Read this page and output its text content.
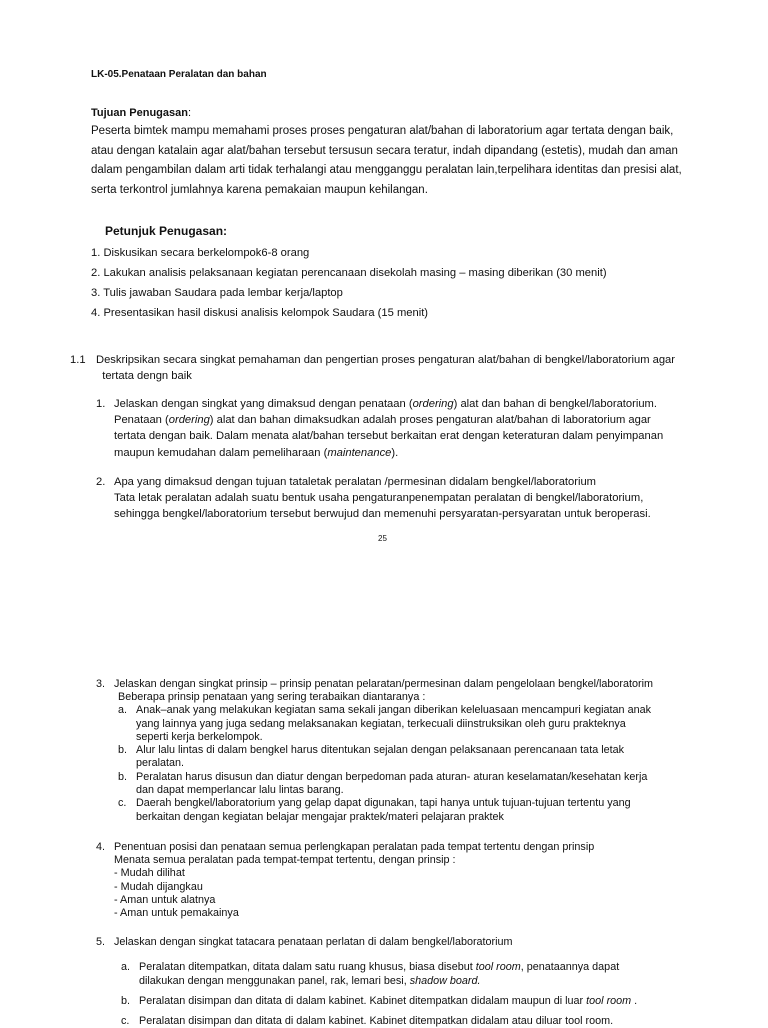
LK-05.Penataan Peralatan dan bahan
Tujuan Penugasan:
Peserta bimtek mampu memahami proses proses pengaturan alat/bahan di laboratorium agar tertata dengan baik,
atau dengan katalain agar alat/bahan tersebut tersusun secara teratur, indah dipandang (estetis), mudah dan aman
dalam pengambilan dalam arti tidak terhalangi atau mengganggu peralatan lain,terpelihara identitas dan presisi alat,
serta terkontrol jumlahnya karena pemakaian maupun kehilangan.
Petunjuk Penugasan:
1. Diskusikan secara berkelompok6-8 orang
2. Lakukan analisis pelaksanaan kegiatan perencanaan disekolah masing – masing diberikan (30 menit)
3. Tulis jawaban Saudara pada lembar kerja/laptop
4. Presentasikan hasil diskusi analisis kelompok Saudara (15 menit)
1.1 Deskripsikan secara singkat pemahaman dan pengertian proses pengaturan alat/bahan di bengkel/laboratorium agar
tertata dengn baik
1. Jelaskan dengan singkat yang dimaksud dengan penataan (ordering) alat dan bahan di bengkel/laboratorium.
Penataan (ordering) alat dan bahan dimaksudkan adalah proses pengaturan alat/bahan di laboratorium agar
tertata dengan baik. Dalam menata alat/bahan tersebut berkaitan erat dengan keteraturan dalam penyimpanan
maupun kemudahan dalam pemeliharaan (maintenance).
2. Apa yang dimaksud dengan tujuan tataletak peralatan /permesinan didalam bengkel/laboratorium
Tata letak peralatan adalah suatu bentuk usaha pengaturanpenempatan peralatan di bengkel/laboratorium,
sehingga bengkel/laboratorium tersebut berwujud dan memenuhi persyaratan-persyaratan untuk beroperasi.
25
3. Jelaskan dengan singkat prinsip – prinsip penatan pelaratan/permesinan dalam pengelolaan bengkel/laboratorim
Beberapa prinsip penataan yang sering terabaikan diantaranya :
a. Anak–anak yang melakukan kegiatan sama sekali jangan diberikan keleluasaan mencampuri kegiatan anak
yang lainnya yang juga sedang melaksanakan kegiatan, terkecuali diinstruksikan oleh guru prakteknya
seperti kerja berkelompok.
b. Alur lalu lintas di dalam bengkel harus ditentukan sejalan dengan pelaksanaan perencanaan tata letak
peralatan.
b. Peralatan harus disusun dan diatur dengan berpedoman pada aturan- aturan keselamatan/kesehatan kerja
dan dapat memperlancar lalu lintas barang.
c. Daerah bengkel/laboratorium yang gelap dapat digunakan, tapi hanya untuk tujuan-tujuan tertentu yang
berkaitan dengan kegiatan belajar mengajar praktek/materi pelajaran praktek
4. Penentuan posisi dan penataan semua perlengkapan peralatan pada tempat tertentu dengan prinsip
Menata semua peralatan pada tempat-tempat tertentu, dengan prinsip :
- Mudah dilihat
- Mudah dijangkau
- Aman untuk alatnya
- Aman untuk pemakainya
5. Jelaskan dengan singkat tatacara penataan perlatan di dalam bengkel/laboratorium
a. Peralatan ditempatkan, ditata dalam satu ruang khusus, biasa disebut tool room, penataannya dapat
dilakukan dengan menggunakan panel, rak, lemari besi, shadow board.
b. Peralatan disimpan dan ditata di dalam kabinet. Kabinet ditempatkan didalam maupun di luar tool room .
c. Peralatan disimpan dan ditata di dalam kabinet. Kabinet ditempatkan didalam atau diluar tool room.
